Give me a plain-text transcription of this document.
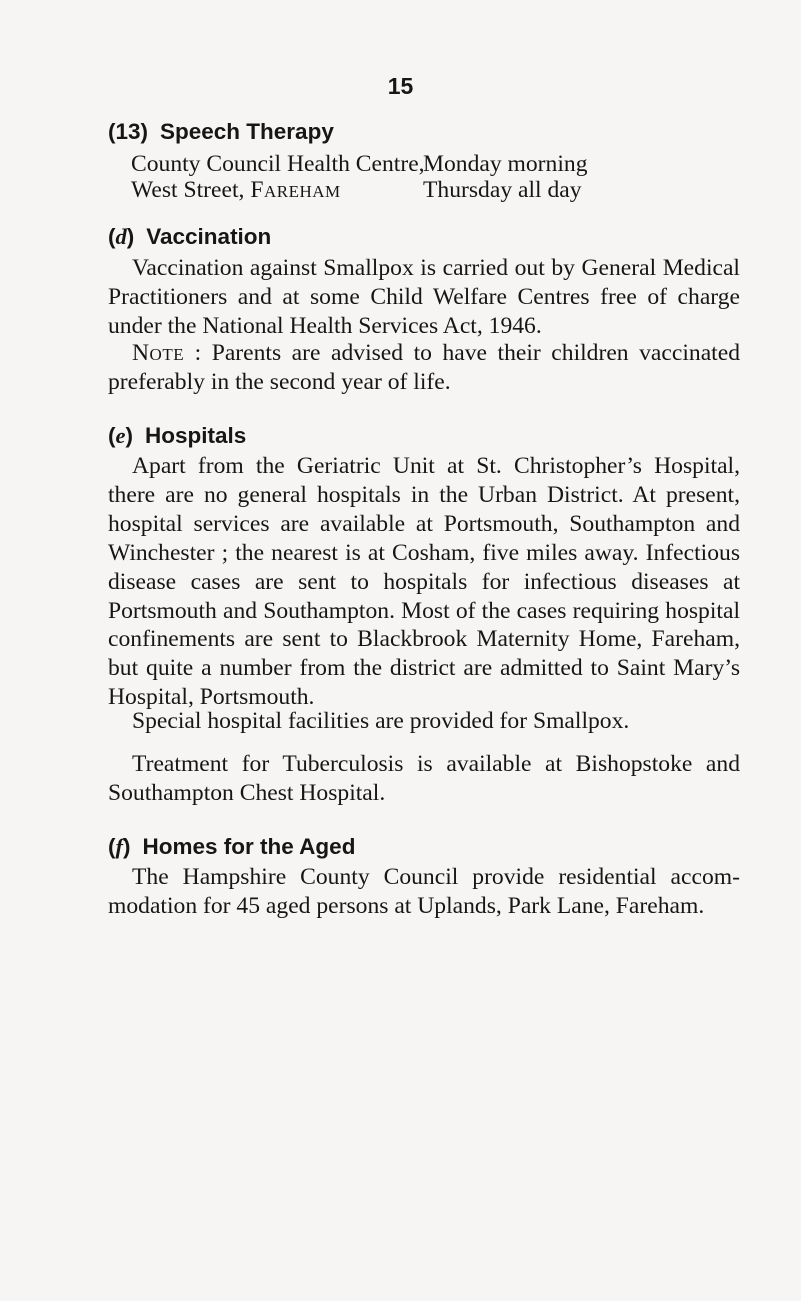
15
(13) Speech Therapy
County Council Health Centre,
Monday morning
West Street, Fareham	Thursday all day
(d) Vaccination
Vaccination against Smallpox is carried out by General Medical Practitioners and at some Child Welfare Centres free of charge under the National Health Services Act, 1946.
Note : Parents are advised to have their children vaccinated preferably in the second year of life.
(e) Hospitals
Apart from the Geriatric Unit at St. Christopher’s Hospital, there are no general hospitals in the Urban District. At present, hospital services are available at Portsmouth, Southampton and Winchester ; the nearest is at Cosham, five miles away. Infectious disease cases are sent to hospitals for infectious diseases at Portsmouth and Southampton. Most of the cases requiring hospital confinements are sent to Blackbrook Maternity Home, Fareham, but quite a number from the district are admitted to Saint Mary’s Hospital, Portsmouth.
Special hospital facilities are provided for Smallpox.
Treatment for Tuberculosis is available at Bishopstoke and Southampton Chest Hospital.
(f) Homes for the Aged
The Hampshire County Council provide residential accommodation for 45 aged persons at Uplands, Park Lane, Fareham.
